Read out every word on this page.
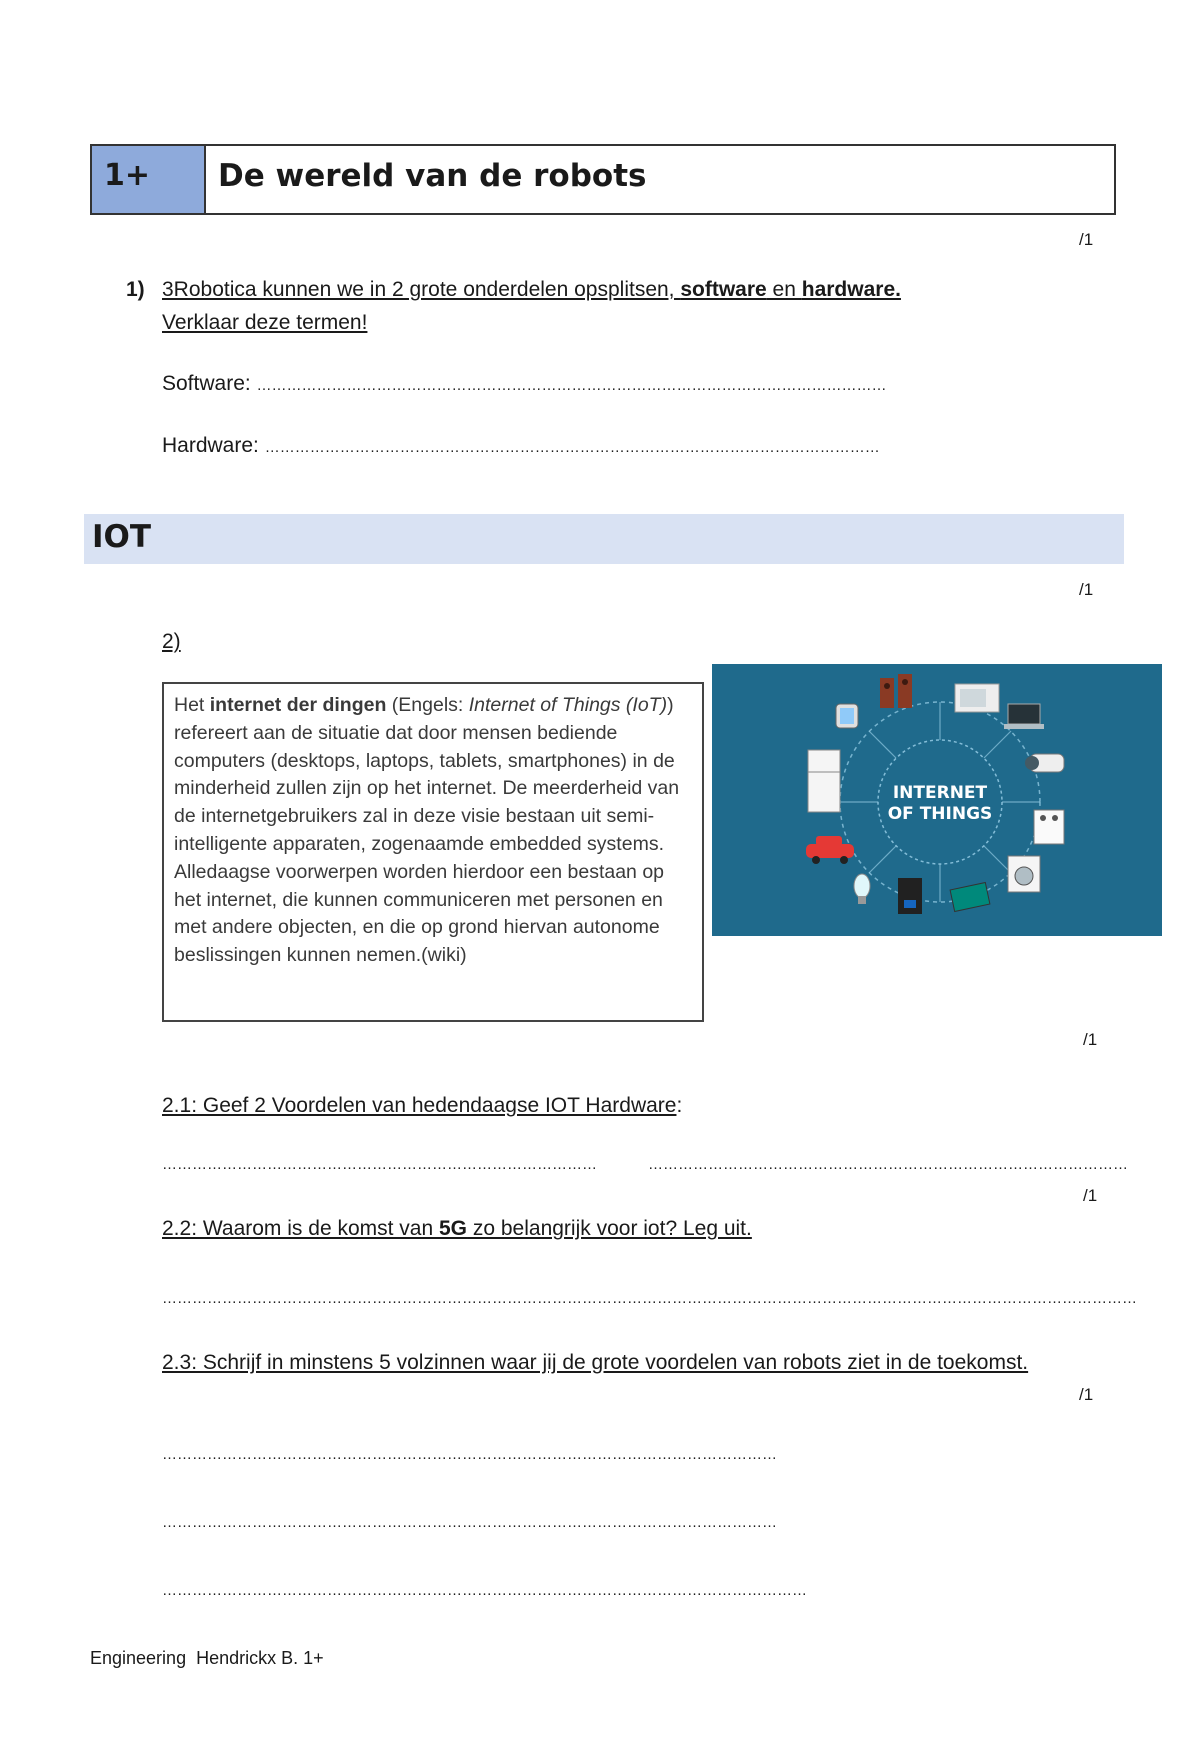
1+	De wereld van de robots
/1
1) 3Robotica kunnen we in 2 grote onderdelen opsplitsen, software en hardware.
Verklaar deze termen!
Software: ………………………………………………………………………………………………………………
Hardware: ……………………………………………………………………………………………………………
IOT
/1
2)

Het internet der dingen (Engels: Internet of Things (IoT)) refereert aan de situatie dat door mensen bediende computers (desktops, laptops, tablets, smartphones) in de minderheid zullen zijn op het internet. De meerderheid van de internetgebruikers zal in deze visie bestaan uit semi-intelligente apparaten, zogenaamde embedded systems. Alledaagse voorwerpen worden hierdoor een bestaan op het internet, die kunnen communiceren met personen en met andere objecten, en die op grond hiervan autonome beslissingen kunnen nemen.(wiki)

INTERNET
OF THINGS
/1
2.1: Geef 2 Voordelen van hedendaagse IOT Hardware:
……………………………………………………………………………	……………………………………………………………………………………
/1
2.2: Waarom is de komst van 5G zo belangrijk voor iot? Leg uit.
……………………………………………………………………………………………………………………………………………………………………………
2.3: Schrijf in minstens 5 volzinnen waar jij de grote voordelen van robots ziet in de toekomst.
/1
……………………………………………………………………………………………………………
……………………………………………………………………………………………………………
…………………………………………………………………………………………………………………
Engineering  Hendrickx B. 1+
